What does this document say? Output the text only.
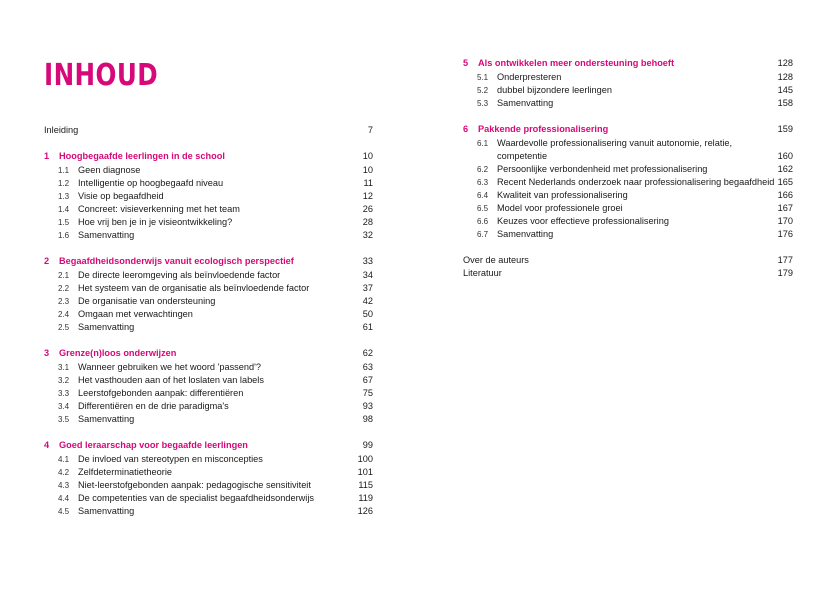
INHOUD
Inleiding	7
1 Hoogbegaafde leerlingen in de school	10
1.1 Geen diagnose	10
1.2 Intelligentie op hoogbegaafd niveau	11
1.3 Visie op begaafdheid	12
1.4 Concreet: visieverkenning met het team	26
1.5 Hoe vrij ben je in je visieontwikkeling?	28
1.6 Samenvatting	32
2 Begaafdheidsonderwijs vanuit ecologisch perspectief	33
2.1 De directe leeromgeving als beïnvloedende factor	34
2.2 Het systeem van de organisatie als beïnvloedende factor	37
2.3 De organisatie van ondersteuning	42
2.4 Omgaan met verwachtingen	50
2.5 Samenvatting	61
3 Grenze(n)loos onderwijzen	62
3.1 Wanneer gebruiken we het woord 'passend'?	63
3.2 Het vasthouden aan of het loslaten van labels	67
3.3 Leerstofgebonden aanpak: differentiëren	75
3.4 Differentiëren en de drie paradigma's	93
3.5 Samenvatting	98
4 Goed leraarschap voor begaafde leerlingen	99
4.1 De invloed van stereotypen en misconcepties	100
4.2 Zelfdeterminatietheorie	101
4.3 Niet-leerstofgebonden aanpak: pedagogische sensitiviteit	115
4.4 De competenties van de specialist begaafdheidsonderwijs	119
4.5 Samenvatting	126
5 Als ontwikkelen meer ondersteuning behoeft	128
5.1 Onderpresteren	128
5.2 dubbel bijzondere leerlingen	145
5.3 Samenvatting	158
6 Pakkende professionalisering	159
6.1 Waardevolle professionalisering vanuit autonomie, relatie, competentie	160
6.2 Persoonlijke verbondenheid met professionalisering	162
6.3 Recent Nederlands onderzoek naar professionalisering begaafdheid 165
6.4 Kwaliteit van professionalisering	166
6.5 Model voor professionele groei	167
6.6 Keuzes voor effectieve professionalisering	170
6.7 Samenvatting	176
Over de auteurs	177
Literatuur	179
